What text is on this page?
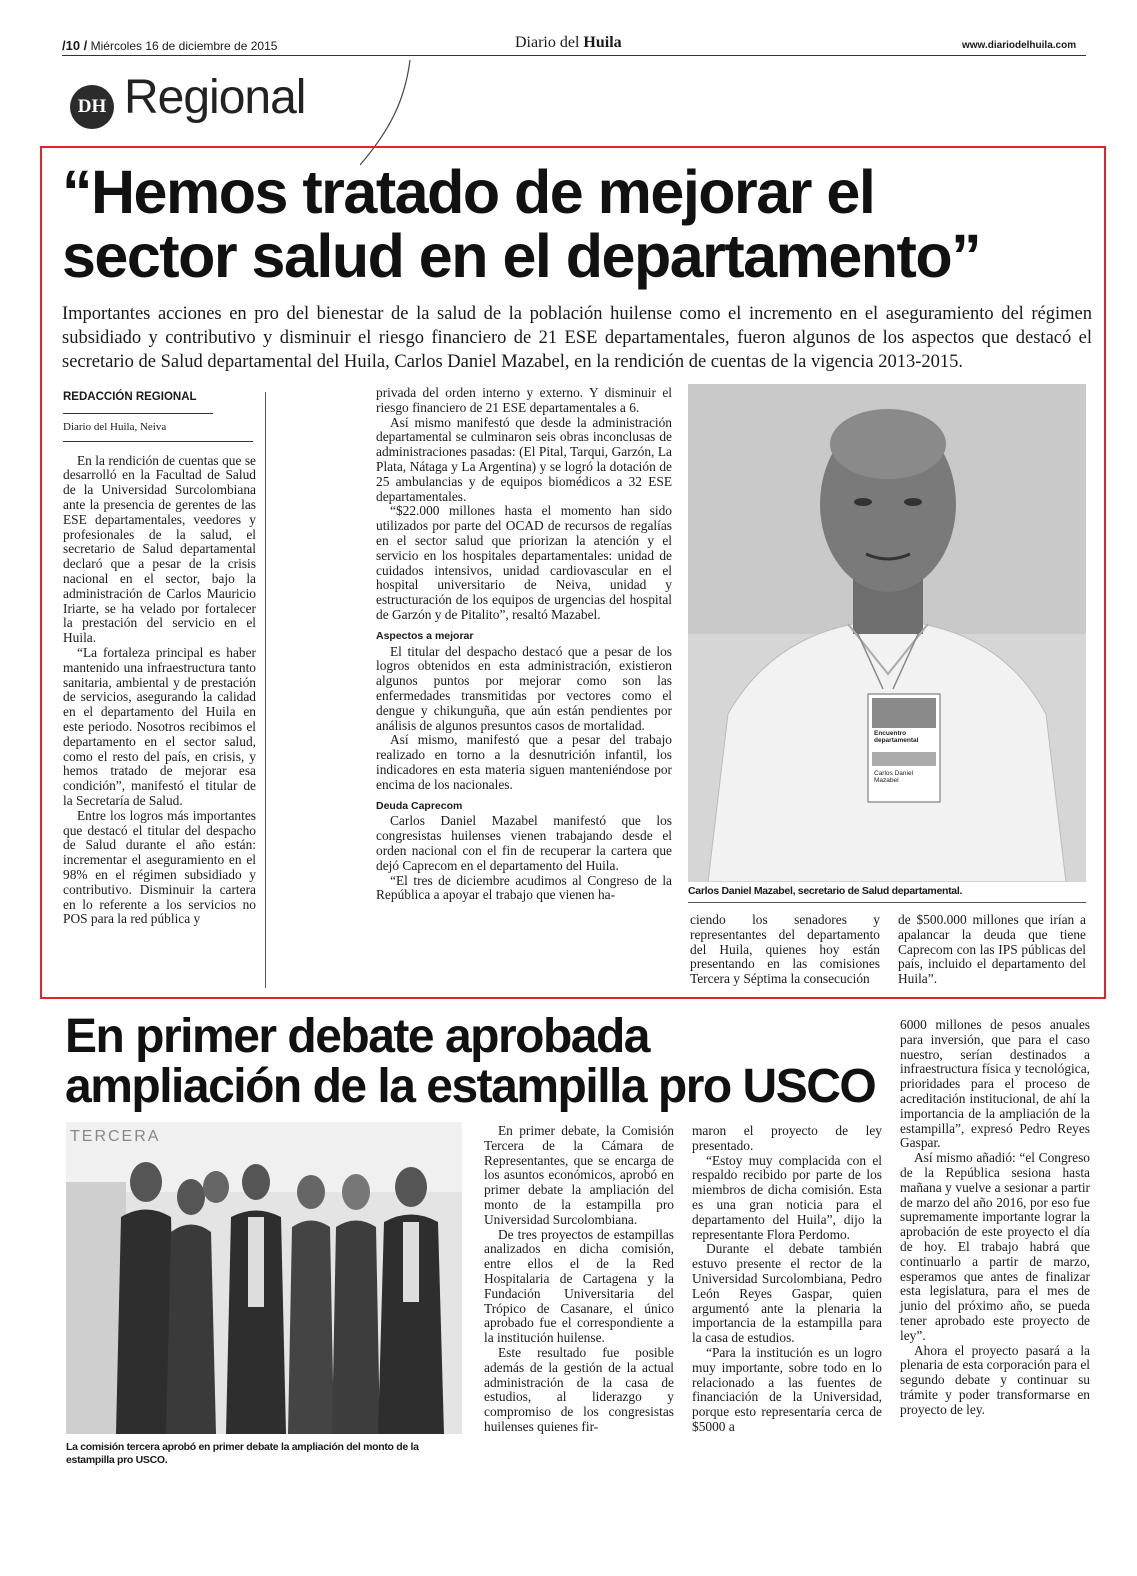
/10 / Miércoles 16 de diciembre de 2015	Diario del Huila	www.diariodelhuila.com
DH Regional
“Hemos tratado de mejorar el
sector salud en el departamento”

Importantes acciones en pro del bienestar de la salud de la población huilense como el incremento en el aseguramiento del régimen subsidiado y contributivo y disminuir el riesgo financiero de 21 ESE departamentales, fueron algunos de los aspectos que destacó el secretario de Salud departamental del Huila, Carlos Daniel Mazabel, en la rendición de cuentas de la vigencia 2013-2015.

REDACCIÓN REGIONAL
Diario del Huila, Neiva

En la rendición de cuentas que se desarrolló en la Facultad de Salud de la Universidad Surcolombiana ante la presencia de gerentes de las ESE departamentales, veedores y profesionales de la salud, el secretario de Salud departamental declaró que a pesar de la crisis nacional en el sector, bajo la administración de Carlos Mauricio Iriarte, se ha velado por fortalecer la prestación del servicio en el Huila.

“La fortaleza principal es haber mantenido una infraestructura tanto sanitaria, ambiental y de prestación de servicios, asegurando la calidad en el departamento del Huila en este periodo. Nosotros recibimos el departamento en el sector salud, como el resto del país, en crisis, y hemos tratado de mejorar esa condición”, manifestó el titular de la Secretaría de Salud.

Entre los logros más importantes que destacó el titular del despacho de Salud durante el año están: incrementar el aseguramiento en el 98% en el régimen subsidiado y contributivo. Disminuir la cartera en lo referente a los servicios no POS para la red pública y

privada del orden interno y externo. Y disminuir el riesgo financiero de 21 ESE departamentales a 6.

Así mismo manifestó que desde la administración departamental se culminaron seis obras inconclusas de administraciones pasadas: (El Pital, Tarqui, Garzón, La Plata, Nátaga y La Argentina) y se logró la dotación de 25 ambulancias y de equipos biomédicos a 32 ESE departamentales.

“$22.000 millones hasta el momento han sido utilizados por parte del OCAD de recursos de regalías en el sector salud que priorizan la atención y el servicio en los hospitales departamentales: unidad de cuidados intensivos, unidad cardiovascular en el hospital universitario de Neiva, unidad y estructuración de los equipos de urgencias del hospital de Garzón y de Pitalito”, resaltó Mazabel.

Aspectos a mejorar

El titular del despacho destacó que a pesar de los logros obtenidos en esta administración, existieron algunos puntos por mejorar como son las enfermedades transmitidas por vectores como el dengue y chikunguña, que aún están pendientes por análisis de algunos presuntos casos de mortalidad.

Así mismo, manifestó que a pesar del trabajo realizado en torno a la desnutrición infantil, los indicadores en esta materia siguen manteniéndose por encima de los nacionales.

Deuda Caprecom

Carlos Daniel Mazabel manifestó que los congresistas huilenses vienen trabajando desde el orden nacional con el fin de recuperar la cartera que dejó Caprecom en el departamento del Huila.

“El tres de diciembre acudimos al Congreso de la República a apoyar el trabajo que vienen ha-

Encuentro departamental
Carlos Daniel Mazabel
Carlos Daniel Mazabel, secretario de Salud departamental.

ciendo los senadores y representantes del departamento del Huila, quienes hoy están presentando en las comisiones Tercera y Séptima la consecución

de $500.000 millones que irían a apalancar la deuda que tiene Caprecom con las IPS públicas del país, incluido el departamento del Huila”.

En primer debate aprobada
ampliación de la estampilla pro USCO
TERCERA
La comisión tercera aprobó en primer debate la ampliación del monto de la estampilla pro USCO.

En primer debate, la Comisión Tercera de la Cámara de Representantes, que se encarga de los asuntos económicos, aprobó en primer debate la ampliación del monto de la estampilla pro Universidad Surcolombiana.

De tres proyectos de estampillas analizados en dicha comisión, entre ellos el de la Red Hospitalaria de Cartagena y la Fundación Universitaria del Trópico de Casanare, el único aprobado fue el correspondiente a la institución huilense.

Este resultado fue posible además de la gestión de la actual administración de la casa de estudios, al liderazgo y compromiso de los congresistas huilenses quienes fir-

maron el proyecto de ley presentado.

“Estoy muy complacida con el respaldo recibido por parte de los miembros de dicha comisión. Esta es una gran noticia para el departamento del Huila”, dijo la representante Flora Perdomo.

Durante el debate también estuvo presente el rector de la Universidad Surcolombiana, Pedro León Reyes Gaspar, quien argumentó ante la plenaria la importancia de la estampilla para la casa de estudios.

“Para la institución es un logro muy importante, sobre todo en lo relacionado a las fuentes de financiación de la Universidad, porque esto representaría cerca de $5000 a

6000 millones de pesos anuales para inversión, que para el caso nuestro, serían destinados a infraestructura física y tecnológica, prioridades para el proceso de acreditación institucional, de ahí la importancia de la ampliación de la estampilla”, expresó Pedro Reyes Gaspar.

Así mismo añadió: “el Congreso de la República sesiona hasta mañana y vuelve a sesionar a partir de marzo del año 2016, por eso fue supremamente importante lograr la aprobación de este proyecto el día de hoy. El trabajo habrá que continuarlo a partir de marzo, esperamos que antes de finalizar esta legislatura, para el mes de junio del próximo año, se pueda tener aprobado este proyecto de ley”.

Ahora el proyecto pasará a la plenaria de esta corporación para el segundo debate y continuar su trámite y poder transformarse en proyecto de ley.
